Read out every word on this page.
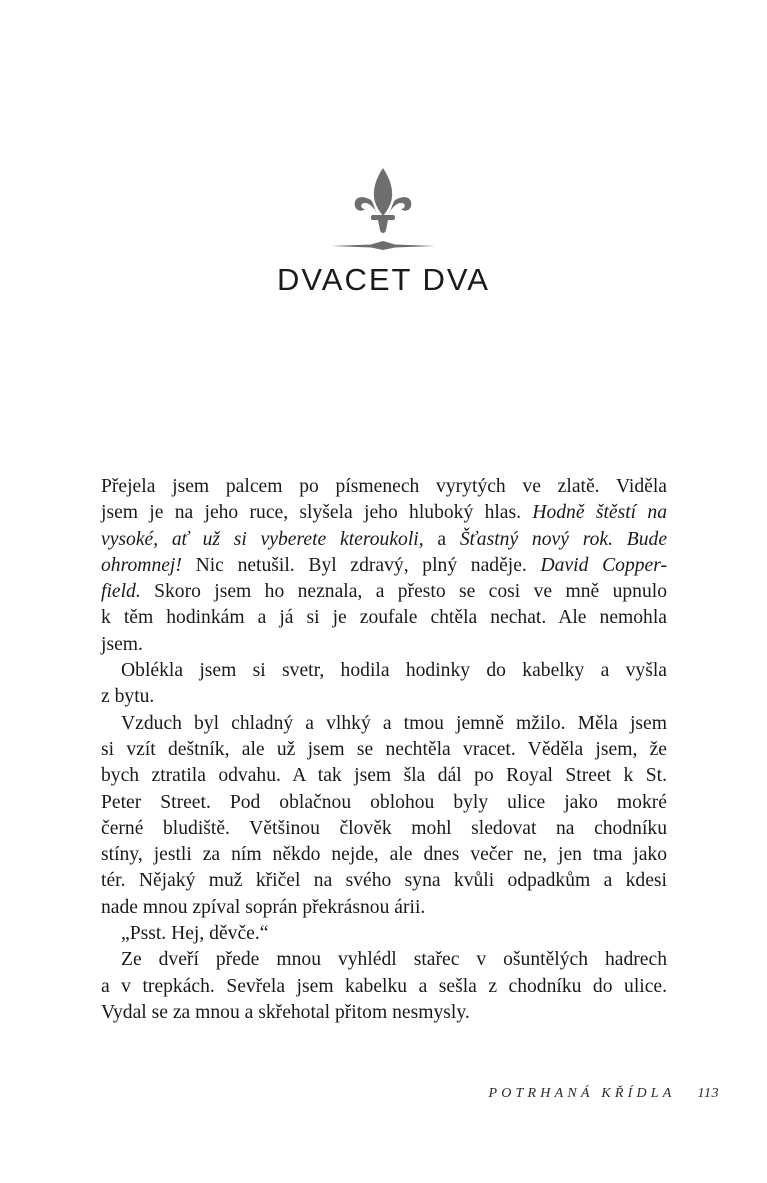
DVACET DVA
Přejela jsem palcem po písmenech vyrytých ve zlatě. Viděla
jsem je na jeho ruce, slyšela jeho hluboký hlas. Hodně štěstí na
vysoké, ať už si vyberete kteroukoli, a Šťastný nový rok. Bude
ohromnej! Nic netušil. Byl zdravý, plný naděje. David Copper-
field. Skoro jsem ho neznala, a přesto se cosi ve mně upnulo
k těm hodinkám a já si je zoufale chtěla nechat. Ale nemohla
jsem.
Oblékla jsem si svetr, hodila hodinky do kabelky a vyšla
z bytu.
Vzduch byl chladný a vlhký a tmou jemně mžilo. Měla jsem
si vzít deštník, ale už jsem se nechtěla vracet. Věděla jsem, že
bych ztratila odvahu. A tak jsem šla dál po Royal Street k St.
Peter Street. Pod oblačnou oblohou byly ulice jako mokré
černé bludiště. Většinou člověk mohl sledovat na chodníku
stíny, jestli za ním někdo nejde, ale dnes večer ne, jen tma jako
tér. Nějaký muž křičel na svého syna kvůli odpadkům a kdesi
nade mnou zpíval soprán překrásnou árii.
„Psst. Hej, děvče.“
Ze dveří přede mnou vyhlédl stařec v ošuntělých hadrech
a v trepkách. Sevřela jsem kabelku a sešla z chodníku do ulice.
Vydal se za mnou a skřehotal přitom nesmysly.
POTRHANÁ KŘÍDLA 113
